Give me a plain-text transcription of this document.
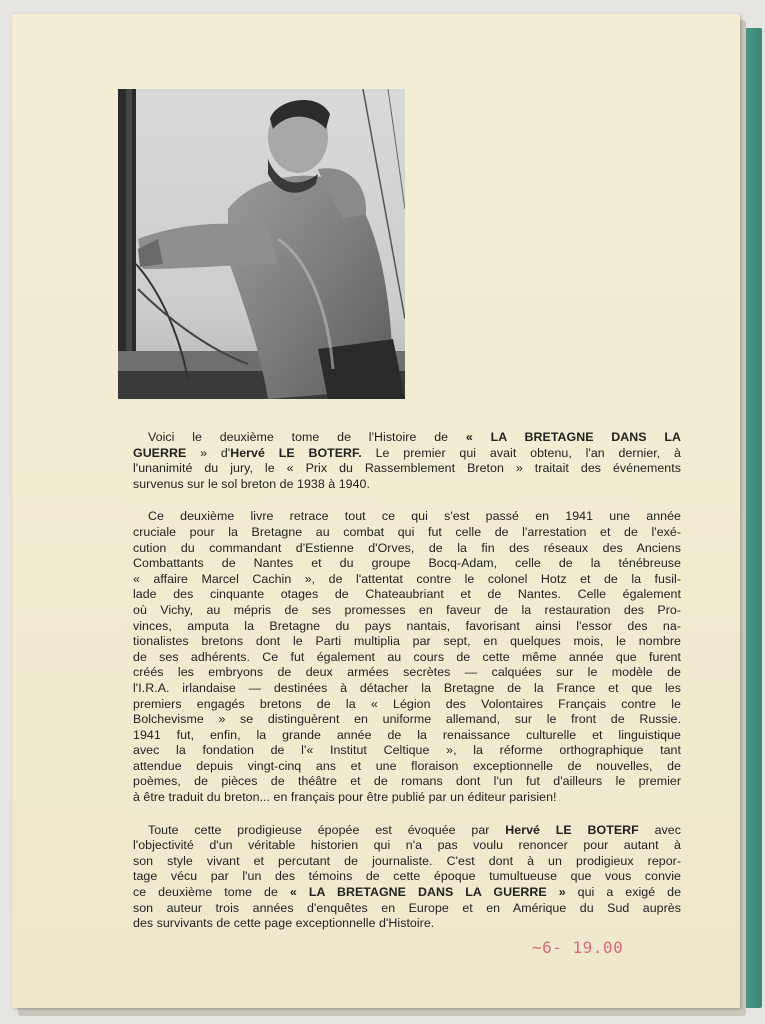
Voici le deuxième tome de l'Histoire de « LA BRETAGNE DANS LA
GUERRE » d'Hervé LE BOTERF. Le premier qui avait obtenu, l'an dernier, à
l'unanimité du jury, le « Prix du Rassemblement Breton » traitait des événements
survenus sur le sol breton de 1938 à 1940.
Ce deuxième livre retrace tout ce qui s'est passé en 1941 une année
cruciale pour la Bretagne au combat qui fut celle de l'arrestation et de l'exé-
cution du commandant d'Estienne d'Orves, de la fin des réseaux des Anciens
Combattants de Nantes et du groupe Bocq-Adam, celle de la ténébreuse
« affaire Marcel Cachin », de l'attentat contre le colonel Hotz et de la fusil-
lade des cinquante otages de Chateaubriant et de Nantes. Celle également
où Vichy, au mépris de ses promesses en faveur de la restauration des Pro-
vinces, amputa la Bretagne du pays nantais, favorisant ainsi l'essor des na-
tionalistes bretons dont le Parti multiplia par sept, en quelques mois, le nombre
de ses adhérents. Ce fut également au cours de cette même année que furent
créés les embryons de deux armées secrètes — calquées sur le modèle de
l'I.R.A. irlandaise — destinées à détacher la Bretagne de la France et que les
premiers engagés bretons de la « Légion des Volontaires Français contre le
Bolchevisme » se distinguèrent en uniforme allemand, sur le front de Russie.
1941 fut, enfin, la grande année de la renaissance culturelle et linguistique
avec la fondation de l'« Institut Celtique », la réforme orthographique tant
attendue depuis vingt-cinq ans et une floraison exceptionnelle de nouvelles, de
poèmes, de pièces de théâtre et de romans dont l'un fut d'ailleurs le premier
à être traduit du breton... en français pour être publié par un éditeur parisien!
Toute cette prodigieuse épopée est évoquée par Hervé LE BOTERF avec
l'objectivité d'un véritable historien qui n'a pas voulu renoncer pour autant à
son style vivant et percutant de journaliste. C'est dont à un prodigieux repor-
tage vécu par l'un des témoins de cette époque tumultueuse que vous convie
ce deuxième tome de « LA BRETAGNE DANS LA GUERRE » qui a exigé de
son auteur trois années d'enquêtes en Europe et en Amérique du Sud auprès
des survivants de cette page exceptionnelle d'Histoire.
~6- 19.00
